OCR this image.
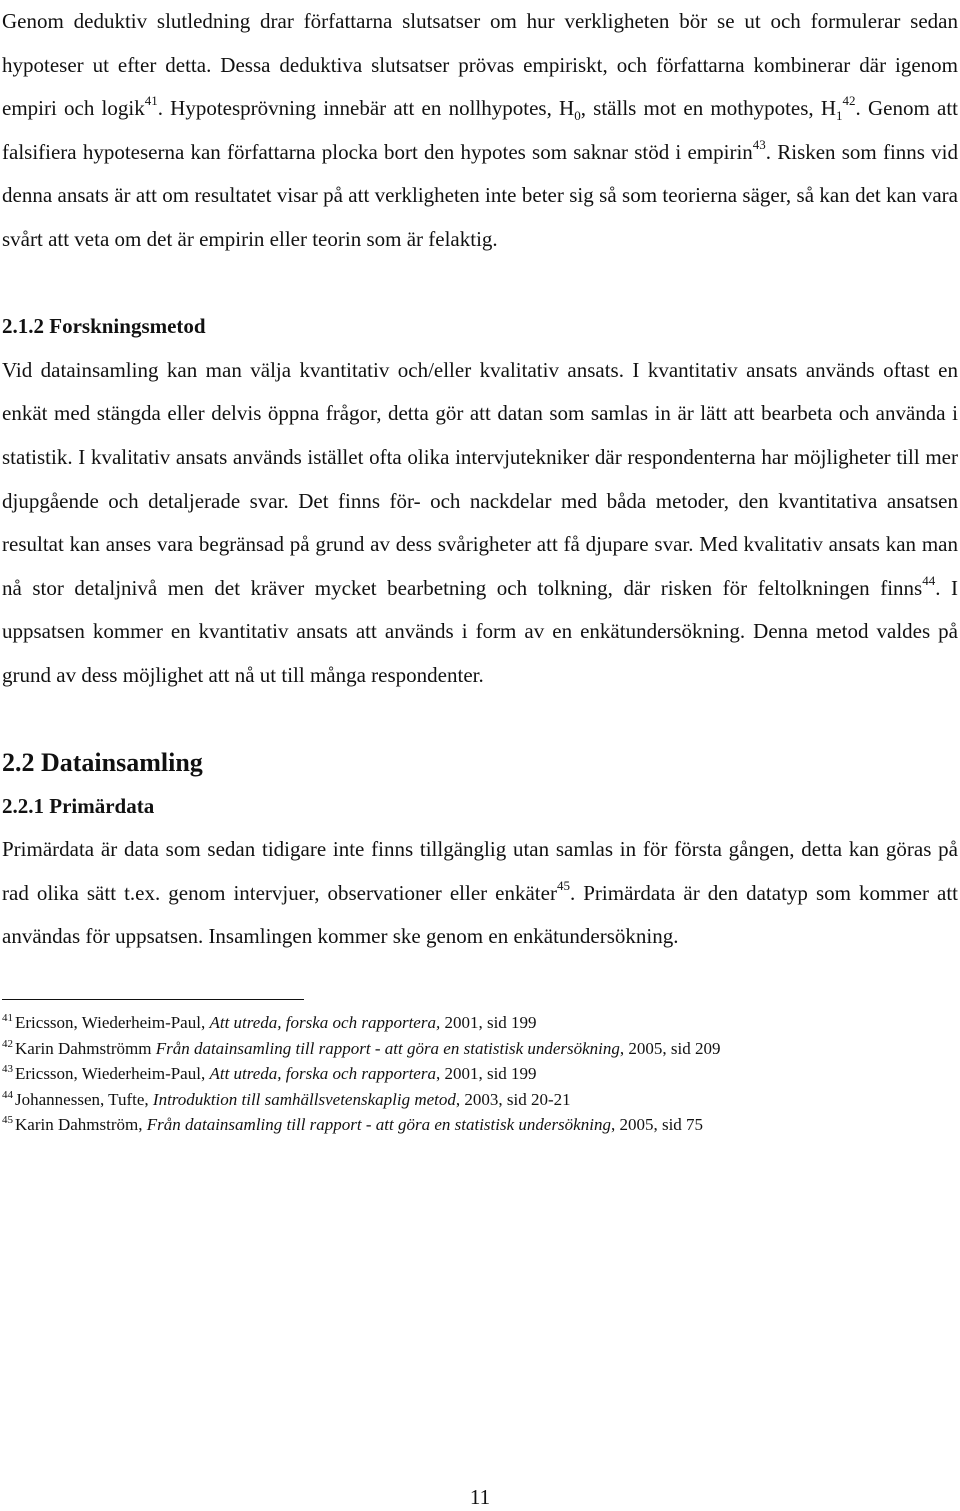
Genom deduktiv slutledning drar författarna slutsatser om hur verkligheten bör se ut och formulerar sedan hypoteser ut efter detta. Dessa deduktiva slutsatser prövas empiriskt, och författarna kombinerar där igenom empiri och logik$^{41}$. Hypotesprövning innebär att en nollhypotes, $H_0$, ställs mot en mothypotes, $H_1^{42}$. Genom att falsifiera hypoteserna kan författarna plocka bort den hypotes som saknar stöd i empirin$^{43}$. Risken som finns vid denna ansats är att om resultatet visar på att verkligheten inte beter sig så som teorierna säger, så kan det kan vara svårt att veta om det är empirin eller teorin som är felaktig.

2.1.2 Forskningsmetod

Vid datainsamling kan man välja kvantitativ och/eller kvalitativ ansats. I kvantitativ ansats används oftast en enkät med stängda eller delvis öppna frågor, detta gör att datan som samlas in är lätt att bearbeta och använda i statistik. I kvalitativ ansats används istället ofta olika intervjutekniker där respondenterna har möjligheter till mer djupgående och detaljerade svar. Det finns för- och nackdelar med båda metoder, den kvantitativa ansatsen resultat kan anses vara begränsad på grund av dess svårigheter att få djupare svar. Med kvalitativ ansats kan man nå stor detaljnivå men det kräver mycket bearbetning och tolkning, där risken för feltolkningen finns$^{44}$. I uppsatsen kommer en kvantitativ ansats att används i form av en enkätundersökning. Denna metod valdes på grund av dess möjlighet att nå ut till många respondenter.

2.2 Datainsamling
2.2.1 Primärdata

Primärdata är data som sedan tidigare inte finns tillgänglig utan samlas in för första gången, detta kan göras på rad olika sätt t.ex. genom intervjuer, observationer eller enkäter$^{45}$. Primärdata är den datatyp som kommer att användas för uppsatsen. Insamlingen kommer ske genom en enkätundersökning.

$^{41}$ Ericsson, Wiederheim-Paul, Att utreda, forska och rapportera, 2001, sid 199

$^{42}$ Karin Dahmströmm Från datainsamling till rapport - att göra en statistisk undersökning, 2005, sid 209

$^{43}$ Ericsson, Wiederheim-Paul, Att utreda, forska och rapportera, 2001, sid 199

$^{44}$ Johannessen, Tufte, Introduktion till samhällsvetenskaplig metod, 2003, sid 20-21

$^{45}$ Karin Dahmström, Från datainsamling till rapport - att göra en statistisk undersökning, 2005, sid 75

11
